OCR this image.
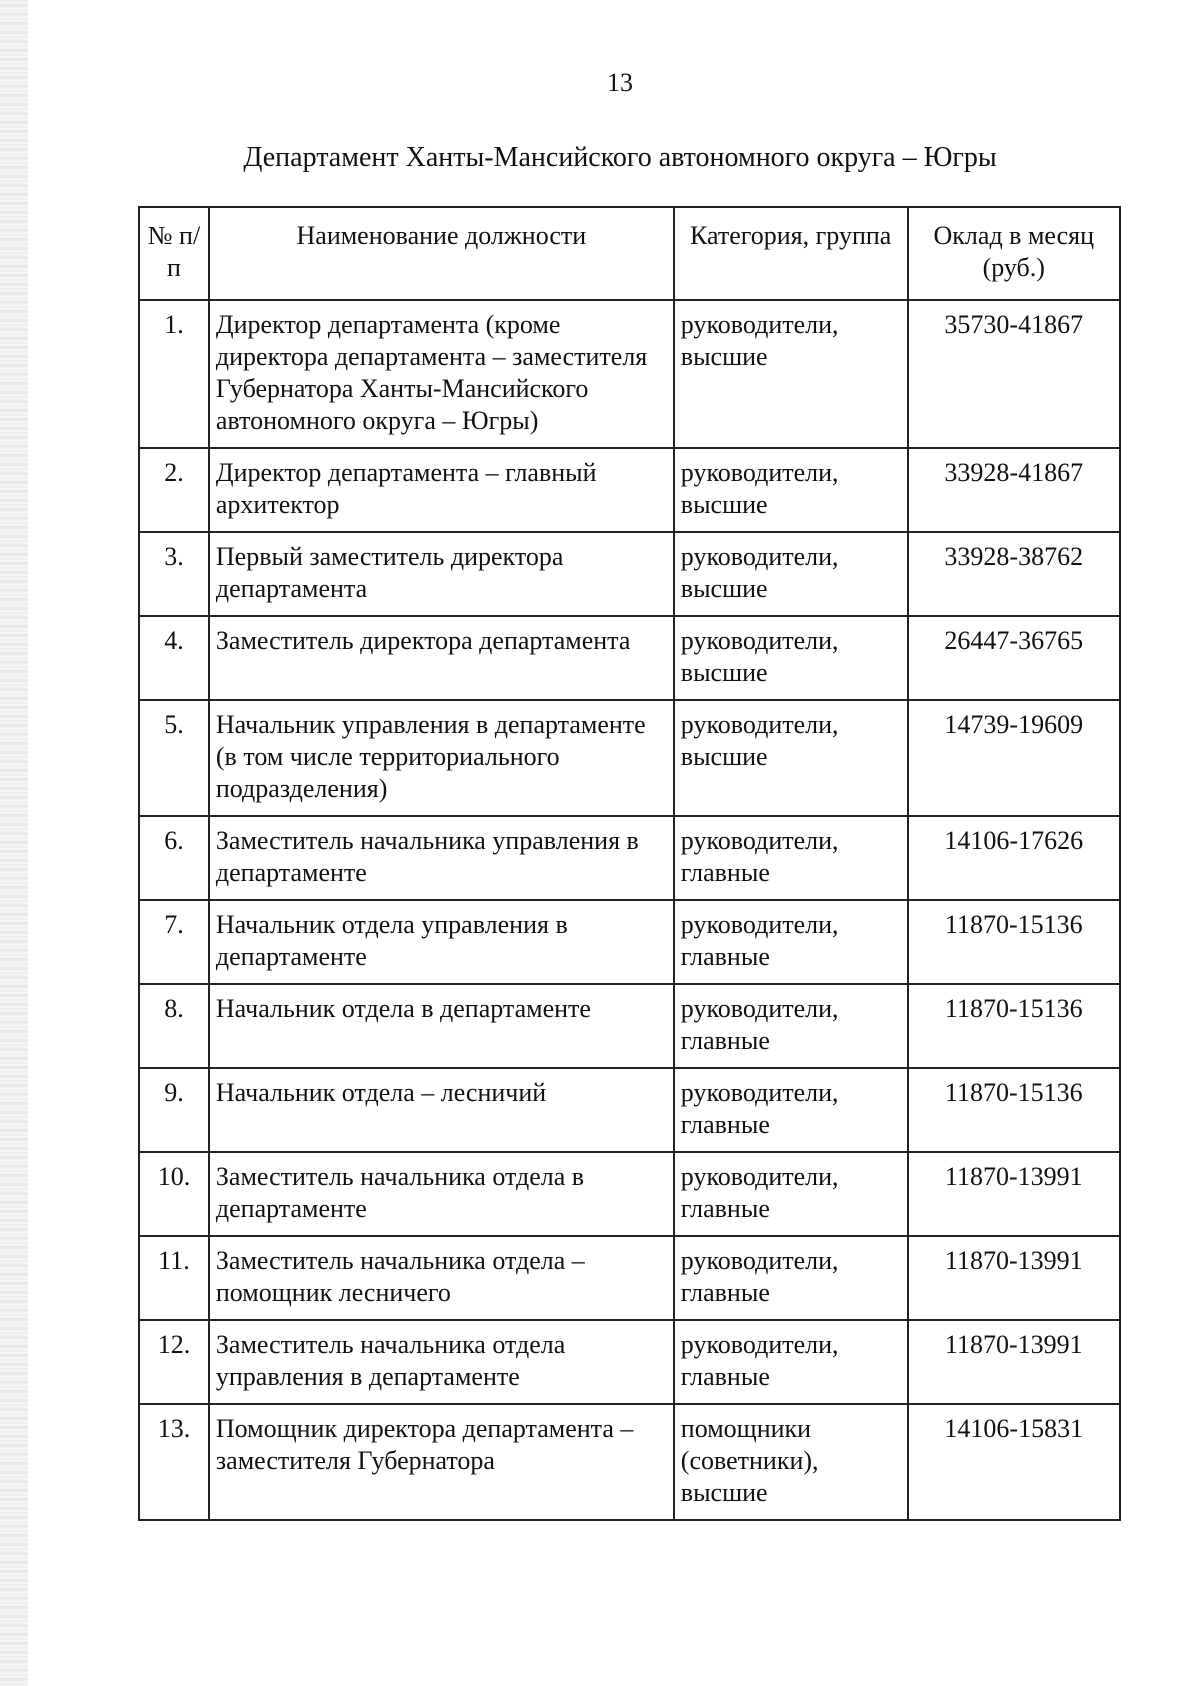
13
Департамент Ханты-Мансийского автономного округа – Югры
№ п/п	Наименование должности	Категория, группа	Оклад в месяц (руб.)
1.	Директор департамента (кроме директора департамента – заместителя Губернатора Ханты-Мансийского автономного округа – Югры)	руководители, высшие	35730-41867
2.	Директор департамента – главный архитектор	руководители, высшие	33928-41867
3.	Первый заместитель директора департамента	руководители, высшие	33928-38762
4.	Заместитель директора департамента	руководители, высшие	26447-36765
5.	Начальник управления в департаменте (в том числе территориального подразделения)	руководители, высшие	14739-19609
6.	Заместитель начальника управления в департаменте	руководители, главные	14106-17626
7.	Начальник отдела управления в департаменте	руководители, главные	11870-15136
8.	Начальник отдела в департаменте	руководители, главные	11870-15136
9.	Начальник отдела – лесничий	руководители, главные	11870-15136
10.	Заместитель начальника отдела в департаменте	руководители, главные	11870-13991
11.	Заместитель начальника отдела – помощник лесничего	руководители, главные	11870-13991
12.	Заместитель начальника отдела управления в департаменте	руководители, главные	11870-13991
13.	Помощник директора департамента – заместителя Губернатора	помощники (советники), высшие	14106-15831
